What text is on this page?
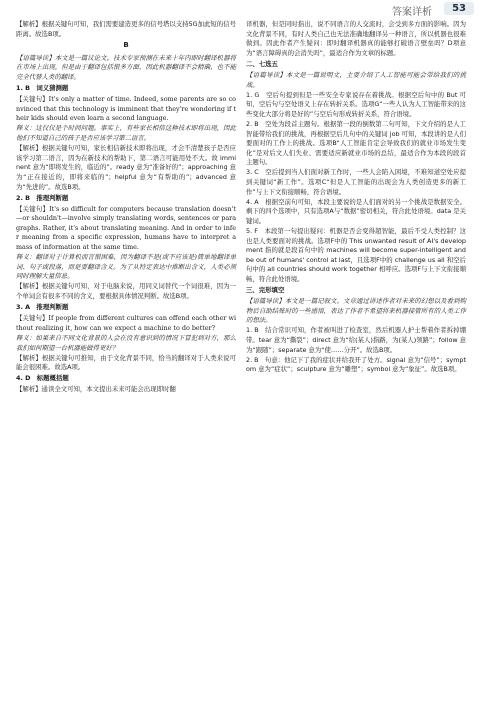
答案详析	53
【解析】根据关键句可知，我们需要建造更多的信号塔以支持5G加此短的信号距离。故选B项。
B
【语篇导读】本文是一篇议论文。技术专家预测在未来十年内即时翻译机器将在市场上出现，但是由于翻译包括很多方面，因此机器翻译不会精确，也不能完全代替人类的翻译。
1. B　词义猜测题
【关键句】It's only a matter of time. Indeed, some parents are so convinced that this technology is imminent that they're wondering if their kids should even learn a second language.
释义：这仅仅是个时间问题。事实上，有些家长相信这种技术即将出现，因此他们不知道自己的孩子是否应该学习第二语言。
【解析】根据关键句可知，家长相信新技术即将出现，才会不清楚孩子是否应该学习第二语言，因为在新技术的帮助下，第二语言可能用处不大。故 imminent 意为“即将发生的，临近的”。ready 意为“准备好的”；approaching 意为“正在接近的，即将来临的”；helpful 意为“有帮助的”；advanced 意为“先进的”。故选B项。
2. B　推理判断题
【关键句】It's so difficult for computers because translation doesn't—or shouldn't—involve simply translating words, sentences or paragraphs. Rather, it's about translating meaning. And in order to infer meaning from a specific expression, humans have to interpret a mass of information at the same time.
释义：翻译对于计算机而言很困难，因为翻译不是(或不应该是)简单地翻译单词、句子或段落，而是要翻译含义。为了从特定表达中推断出含义，人类必须同时理解大量信息。
【解析】根据关键句可知，对于电脑来说，用同义词替代一个词很难，因为一个单词会有很多不同的含义，要根据具体情况判断。故选B项。
3. A　推理判断题
【关键句】If people from different cultures can offend each other without realizing it, how can we expect a machine to do better?
释义：如果来自不同文化背景的人会在没有意识到的情况下冒犯到对方，那么我们如何期望一台机器能做得更好？
【解析】根据关键句可推知，由于文化背景不同，恰当的翻译对于人类来说可能会很困难。故选A项。
4. D　标题概括题
【解析】通读全文可知，本文提出未来可能会出现即时翻
译机器，但是同时指出，说不同语言的人交流时，会受到多方面的影响。因为文化背景不同，有时人类自己也无法准确地翻译另一种语言，所以机器也很难做到。因此作者产生疑问：即时翻译机器真的能够打破语言壁垒吗？D项意为“语言障碍真的会消失吗”，最适合作为文章的标题。
二、七选五
【语篇导读】本文是一篇说明文，主要介绍了人工智能可能会带给我们的挑战。
1. G　空后句提到但是一些安全专家说存在着挑战。根据空后句中的 But 可知，空后句与空处语义上存在转折关系。选项G“一些人认为人工智能带来的这些变化大部分将是好的”与空后句形成转折关系，符合语境。
2. B　空处为段首主题句。根据第一段的倒数第二句可知，下文介绍的是人工智能带给我们的挑战，再根据空后几句中的关键词 job 可知，本段讲的是人们要面对的工作上的挑战。选项B“人工智能肯定会导致我们的就业市场发生变化”是对后文人们失业、需要适应新就业市场的总结，最适合作为本段的段首主题句。
3. C　空后提到当人们面对新工作时，一些人会陷入困境，不难知道空处应提到关键词“新工作”。选项C“但是人工智能的出现会为人类创造更多的新工作”与上下文衔接顺畅，符合语境。
4. A　根据空前句可知，本段主要说的是人们面对的另一个挑战是数据安全。剩下的四个选项中，只有选项A与“数据”密切相关，符合此处语境。data 是关键词。
5. F　本段第一句提出疑问：机器是否会变得超智能，最后不受人类控制？这也是人类要面对的挑战。选项F中的 This unwanted result of AI's development 指的就是段首句中的 machines will become super-intelligent and be out of humans' control at last，且选项F中的 challenge us all 和空后句中的 all countries should work together 相呼应。选项F与上下文衔接顺畅，符合此处语境。
三、完形填空
【语篇导读】本文是一篇记叙文。文章通过讲述作者对未来的幻想以及看到购物后自助结账时的一些感悟，表达了作者不希望将来机器接管所有的人类工作的想法。
1. B　结合常识可知，作者被叫进了检查室，然后机器人护士帮着作者拆掉绷带。tear 意为“撕裂”；direct 意为“给(某人)指路，为(某人)领路”；follow 意为“跟随”；separate 意为“使……分开”。故选B项。
2. B　句意：他记下了我的症状并给我开了处方。signal 意为“信号”；symptom 意为“症状”；sculpture 意为“雕塑”；symbol 意为“象征”。故选B项。
